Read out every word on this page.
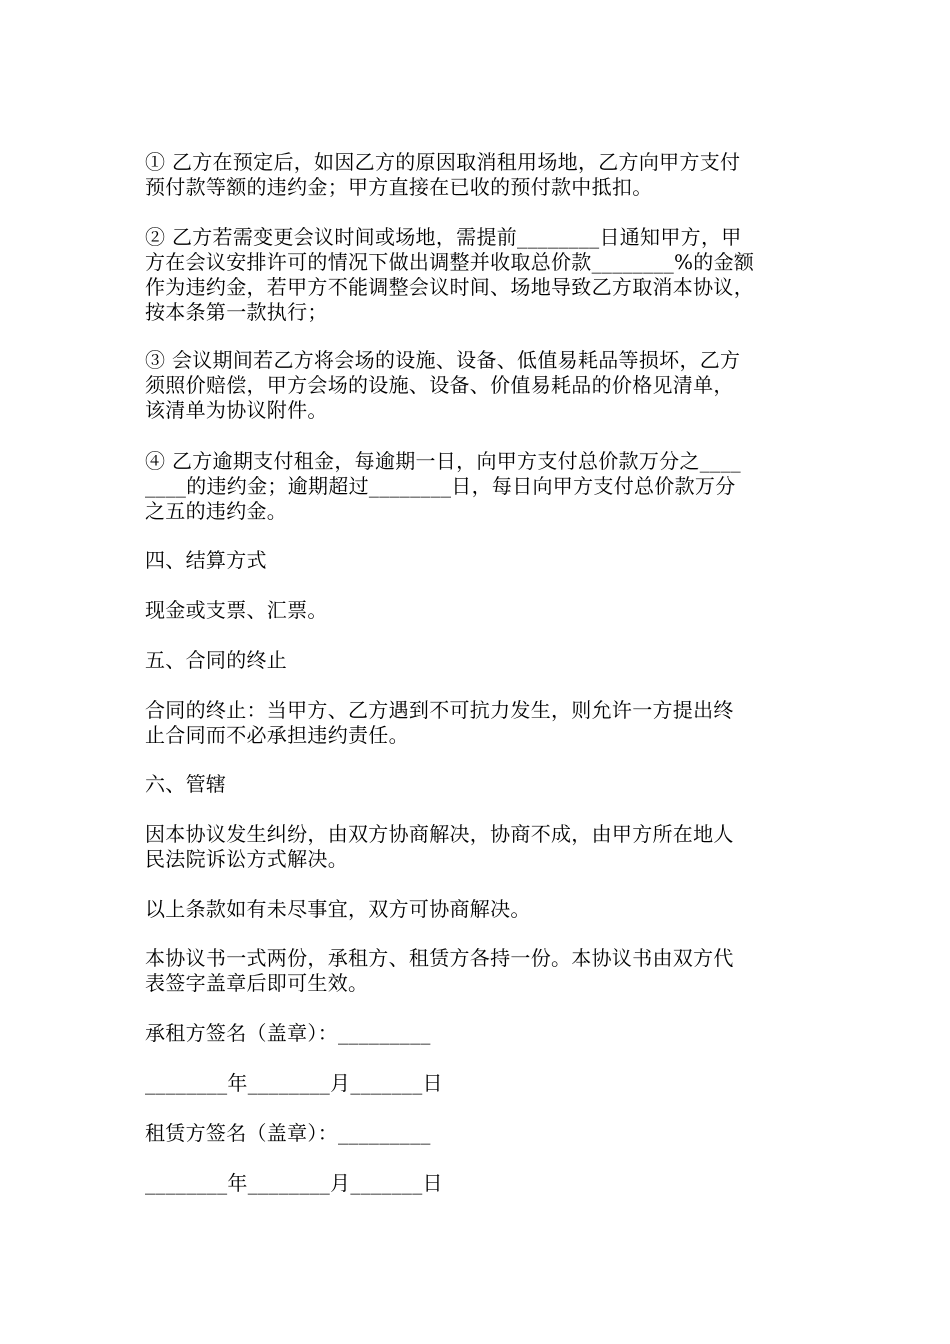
① 乙方在预定后，如因乙方的原因取消租用场地，乙方向甲方支付
预付款等额的违约金；甲方直接在已收的预付款中抵扣。
② 乙方若需变更会议时间或场地，需提前________日通知甲方，甲
方在会议安排许可的情况下做出调整并收取总价款________%的金额
作为违约金，若甲方不能调整会议时间、场地导致乙方取消本协议，
按本条第一款执行；
③ 会议期间若乙方将会场的设施、设备、低值易耗品等损坏，乙方
须照价赔偿，甲方会场的设施、设备、价值易耗品的价格见清单，
该清单为协议附件。
④ 乙方逾期支付租金，每逾期一日，向甲方支付总价款万分之____
____的违约金；逾期超过________日，每日向甲方支付总价款万分
之五的违约金。
四、结算方式
现金或支票、汇票。
五、合同的终止
合同的终止：当甲方、乙方遇到不可抗力发生，则允许一方提出终
止合同而不必承担违约责任。
六、管辖
因本协议发生纠纷，由双方协商解决，协商不成，由甲方所在地人
民法院诉讼方式解决。
以上条款如有未尽事宜，双方可协商解决。
本协议书一式两份，承租方、租赁方各持一份。本协议书由双方代
表签字盖章后即可生效。
承租方签名（盖章）：_________
________年________月_______日
租赁方签名（盖章）：_________
________年________月_______日
